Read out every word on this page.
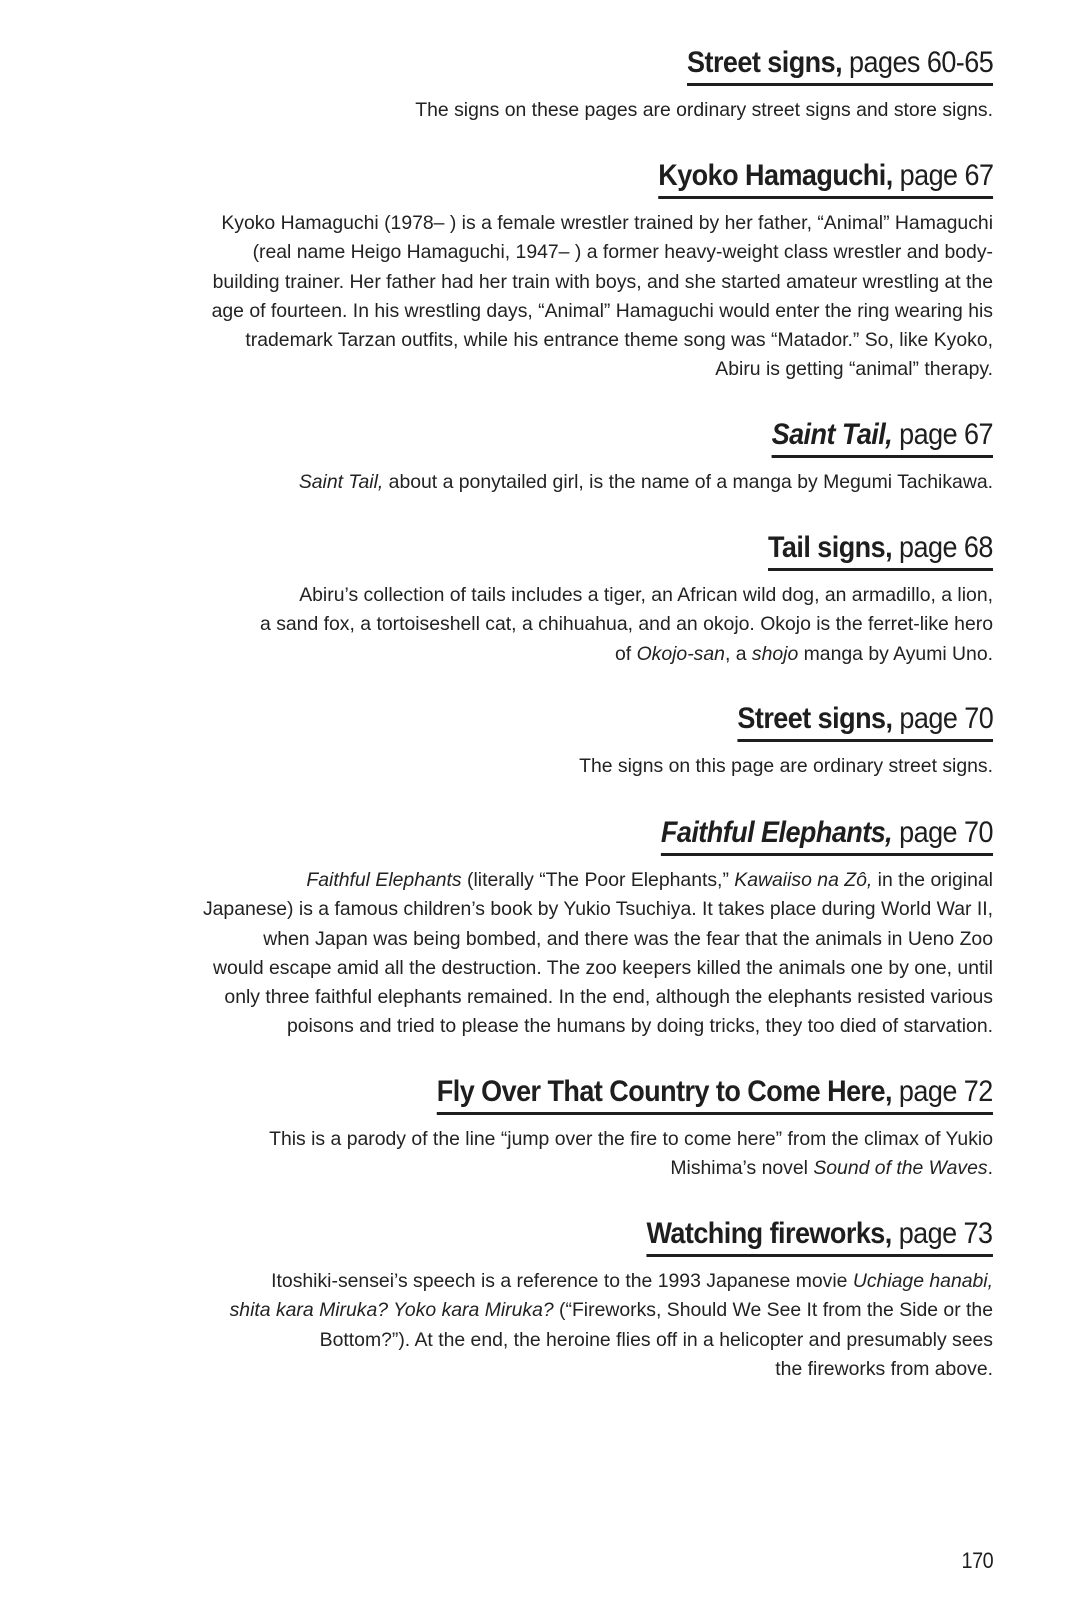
Street signs, pages 60-65

The signs on these pages are ordinary street signs and store signs.

Kyoko Hamaguchi, page 67

Kyoko Hamaguchi (1978– ) is a female wrestler trained by her father, “Animal” Hamaguchi
(real name Heigo Hamaguchi, 1947– ) a former heavy-weight class wrestler and body-
building trainer. Her father had her train with boys, and she started amateur wrestling at the
age of fourteen. In his wrestling days, “Animal” Hamaguchi would enter the ring wearing his
trademark Tarzan outfits, while his entrance theme song was “Matador.” So, like Kyoko,
Abiru is getting “animal” therapy.

Saint Tail, page 67

Saint Tail, about a ponytailed girl, is the name of a manga by Megumi Tachikawa.

Tail signs, page 68

Abiru’s collection of tails includes a tiger, an African wild dog, an armadillo, a lion,
a sand fox, a tortoiseshell cat, a chihuahua, and an okojo. Okojo is the ferret-like hero
of Okojo-san, a shojo manga by Ayumi Uno.

Street signs, page 70

The signs on this page are ordinary street signs.

Faithful Elephants, page 70

Faithful Elephants (literally “The Poor Elephants,” Kawaiiso na Zô, in the original
Japanese) is a famous children’s book by Yukio Tsuchiya. It takes place during World War II,
when Japan was being bombed, and there was the fear that the animals in Ueno Zoo
would escape amid all the destruction. The zoo keepers killed the animals one by one, until
only three faithful elephants remained. In the end, although the elephants resisted various
poisons and tried to please the humans by doing tricks, they too died of starvation.

Fly Over That Country to Come Here, page 72

This is a parody of the line “jump over the fire to come here” from the climax of Yukio
Mishima’s novel Sound of the Waves.

Watching fireworks, page 73

Itoshiki-sensei’s speech is a reference to the 1993 Japanese movie Uchiage hanabi,
shita kara Miruka? Yoko kara Miruka? (“Fireworks, Should We See It from the Side or the
Bottom?”). At the end, the heroine flies off in a helicopter and presumably sees
the fireworks from above.

170
